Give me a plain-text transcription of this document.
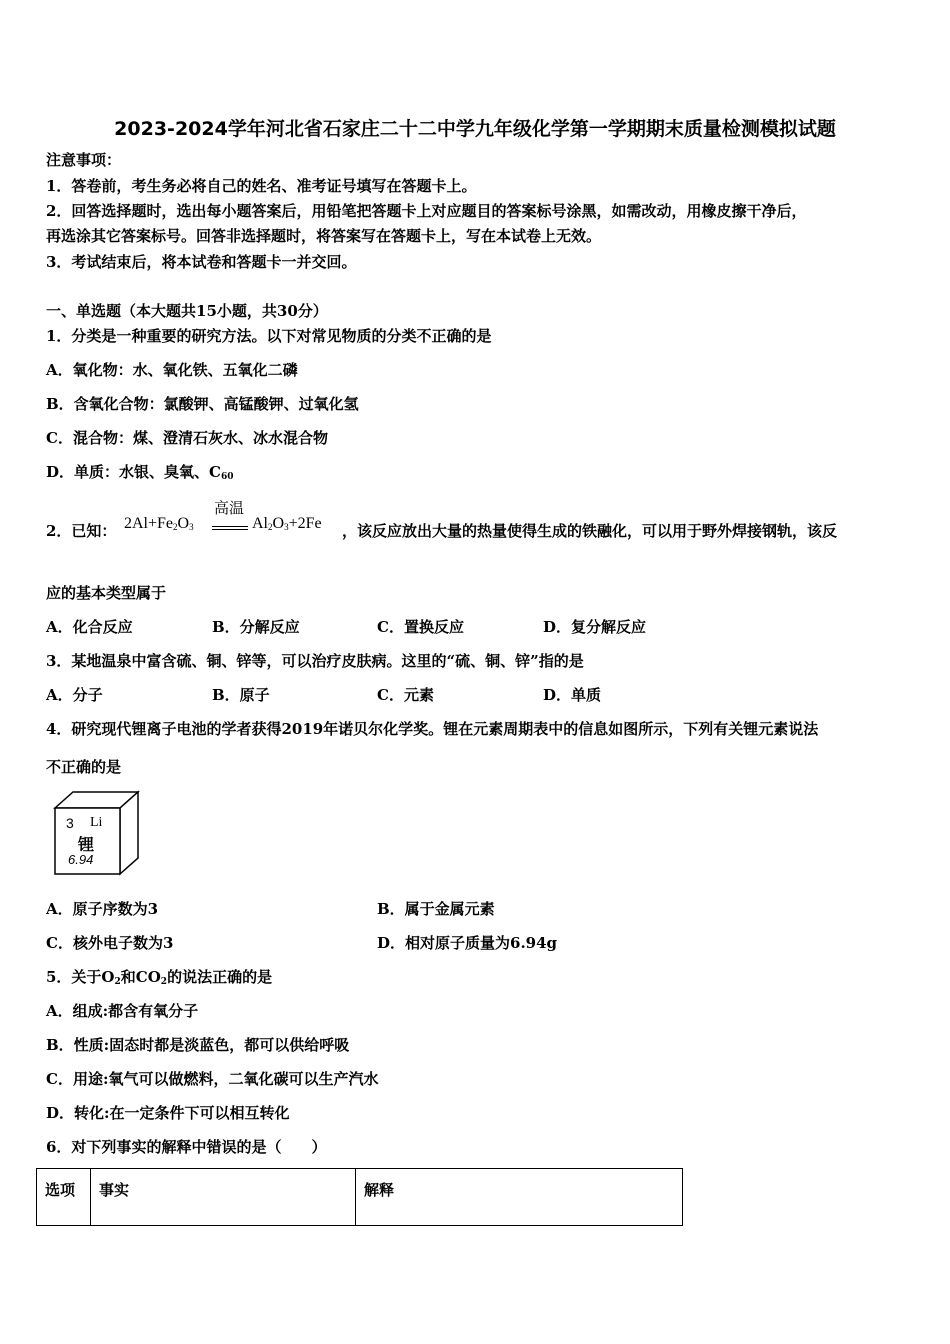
2023-2024学年河北省石家庄二十二中学九年级化学第一学期期末质量检测模拟试题
注意事项：
1．答卷前，考生务必将自己的姓名、准考证号填写在答题卡上。
2．回答选择题时，选出每小题答案后，用铅笔把答题卡上对应题目的答案标号涂黑，如需改动，用橡皮擦干净后，
再选涂其它答案标号。回答非选择题时，将答案写在答题卡上，写在本试卷上无效。
3．考试结束后，将本试卷和答题卡一并交回。
一、单选题（本大题共15小题，共30分）
1．分类是一种重要的研究方法。以下对常见物质的分类不正确的是
A．氧化物：水、氧化铁、五氧化二磷
B．含氧化合物：氯酸钾、高锰酸钾、过氧化氢
C．混合物：煤、澄清石灰水、冰水混合物
D．单质：水银、臭氧、$C_{60}$
2．已知： $2Al+Fe_2O_3$
高温
$Al_2O_3+2Fe$ ，该反应放出大量的热量使得生成的铁融化，可以用于野外焊接钢轨，该反
应的基本类型属于
A．化合反应	B．分解反应	C．置换反应	D．复分解反应
3．某地温泉中富含硫、铜、锌等，可以治疗皮肤病。这里的“硫、铜、锌”指的是
A．分子	B．原子	C．元素	D．单质
4．研究现代锂离子电池的学者获得2019年诺贝尔化学奖。锂在元素周期表中的信息如图所示，下列有关锂元素说法
不正确的是
3 Li
锂
6.94
A．原子序数为3	B．属于金属元素
C．核外电子数为3	D．相对原子质量为6.94g
5．关于$O_2$和$CO_2$的说法正确的是
A．组成:都含有氧分子
B．性质:固态时都是淡蓝色，都可以供给呼吸
C．用途:氧气可以做燃料，二氧化碳可以生产汽水
D．转化:在一定条件下可以相互转化
6．对下列事实的解释中错误的是（　　）
选项	事实	解释
